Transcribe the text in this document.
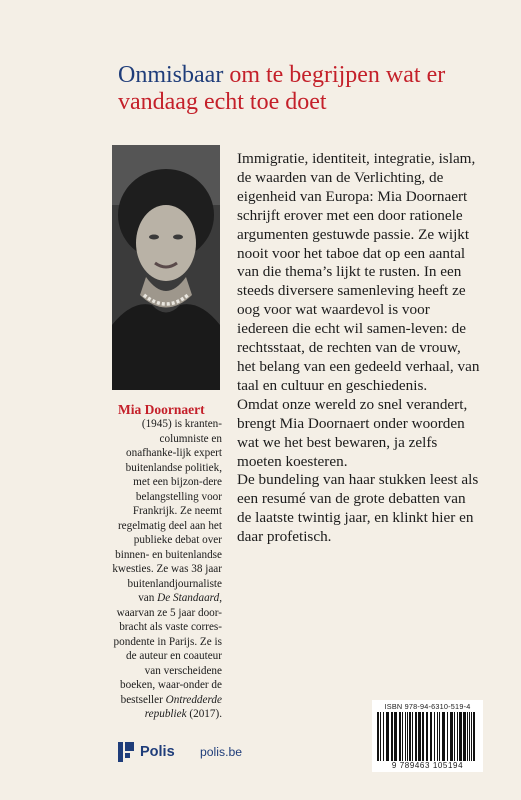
Onmisbaar om te begrijpen wat er vandaag echt toe doet
Mia Doornaert

(1945) is kranten-columniste en onafhanke-lijk expert buitenlandse politiek, met een bijzon-dere belangstelling voor Frankrijk. Ze neemt regelmatig deel aan het publieke debat over binnen- en buitenlandse kwesties. Ze was 38 jaar buitenlandjournaliste van De Standaard, waarvan ze 5 jaar door-bracht als vaste corres-pondente in Parijs. Ze is de auteur en coauteur van verscheidene boeken, waar-onder de bestseller Ontredderde republiek (2017).

Immigratie, identiteit, integratie, islam, de waarden van de Verlichting, de eigenheid van Europa: Mia Doornaert schrijft erover met een door rationele argumenten gestuwde passie. Ze wijkt nooit voor het taboe dat op een aantal van die thema’s lijkt te rusten. In een steeds diversere samenleving heeft ze oog voor wat waardevol is voor iedereen die echt wil samen-leven: de rechtsstaat, de rechten van de vrouw, het belang van een gedeeld verhaal, van taal en cultuur en geschiedenis.

Omdat onze wereld zo snel verandert, brengt Mia Doornaert onder woorden wat we het best bewaren, ja zelfs moeten koesteren.

De bundeling van haar stukken leest als een resumé van de grote debatten van de laatste twintig jaar, en klinkt hier en daar profetisch.

ISBN 978-94-6310-519-4
9 789463 105194
Polis polis.be
